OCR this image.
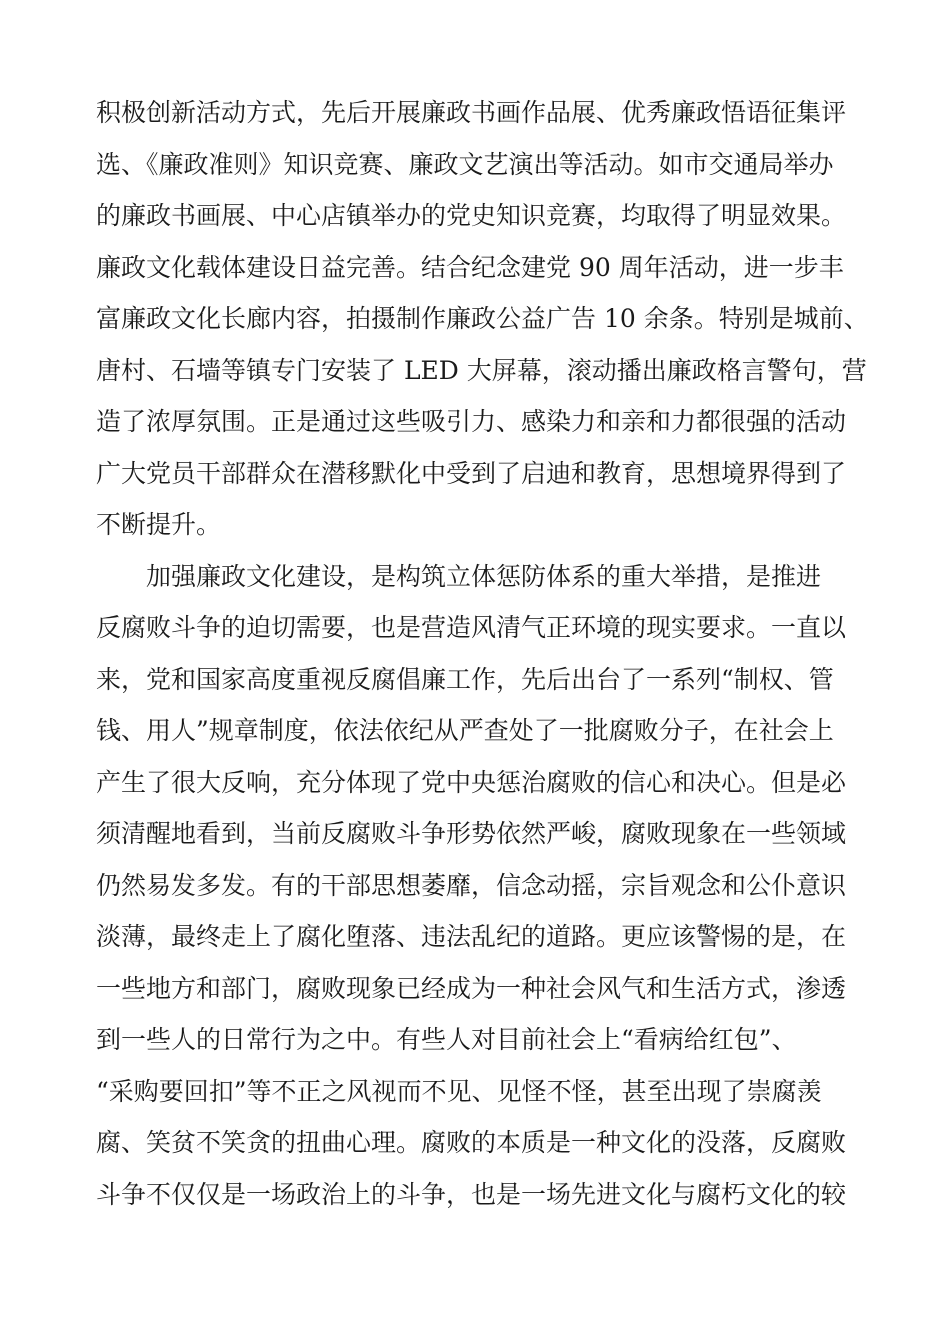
积极创新活动方式，先后开展廉政书画作品展、优秀廉政悟语征集评
选、《廉政准则》知识竞赛、廉政文艺演出等活动。如市交通局举办
的廉政书画展、中心店镇举办的党史知识竞赛，均取得了明显效果。
廉政文化载体建设日益完善。结合纪念建党 90 周年活动，进一步丰
富廉政文化长廊内容，拍摄制作廉政公益广告 10 余条。特别是城前、
唐村、石墙等镇专门安装了 LED 大屏幕，滚动播出廉政格言警句，营
造了浓厚氛围。正是通过这些吸引力、感染力和亲和力都很强的活动
广大党员干部群众在潜移默化中受到了启迪和教育，思想境界得到了
不断提升。
加强廉政文化建设，是构筑立体惩防体系的重大举措，是推进
反腐败斗争的迫切需要，也是营造风清气正环境的现实要求。一直以
来，党和国家高度重视反腐倡廉工作，先后出台了一系列“制权、管
钱、用人”规章制度，依法依纪从严查处了一批腐败分子，在社会上
产生了很大反响，充分体现了党中央惩治腐败的信心和决心。但是必
须清醒地看到，当前反腐败斗争形势依然严峻，腐败现象在一些领域
仍然易发多发。有的干部思想萎靡，信念动摇，宗旨观念和公仆意识
淡薄，最终走上了腐化堕落、违法乱纪的道路。更应该警惕的是，在
一些地方和部门，腐败现象已经成为一种社会风气和生活方式，渗透
到一些人的日常行为之中。有些人对目前社会上“看病给红包”、
“采购要回扣”等不正之风视而不见、见怪不怪，甚至出现了崇腐羡
腐、笑贫不笑贪的扭曲心理。腐败的本质是一种文化的没落，反腐败
斗争不仅仅是一场政治上的斗争，也是一场先进文化与腐朽文化的较
